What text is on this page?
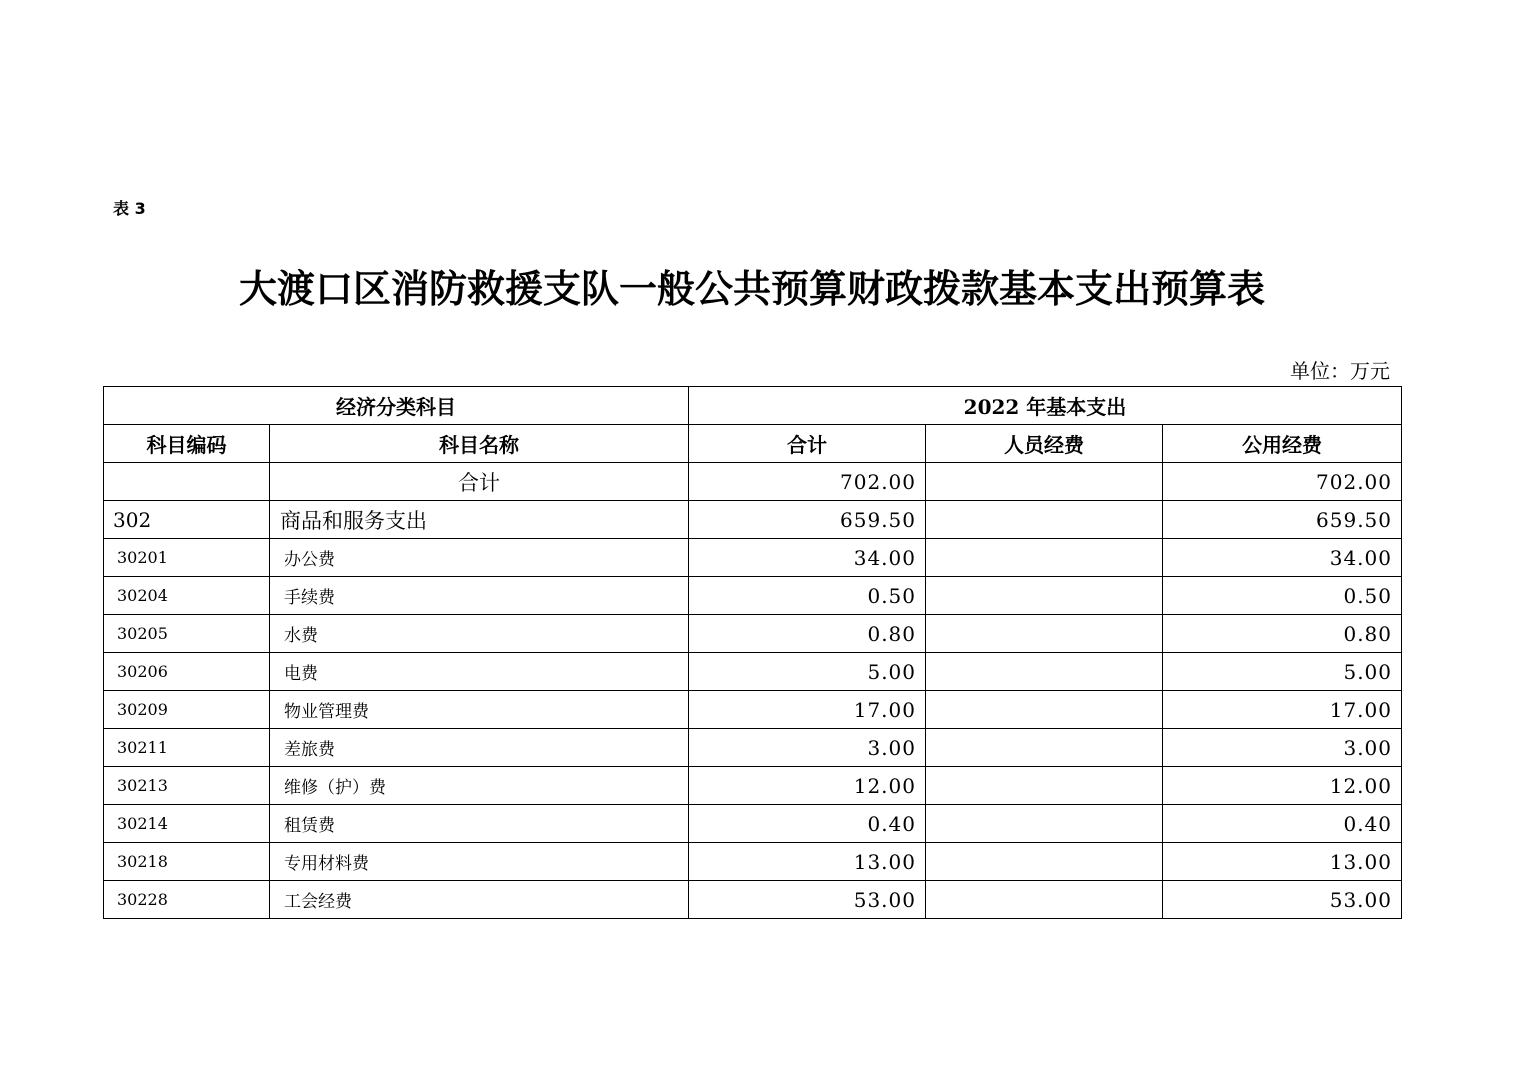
表 3
大渡口区消防救援支队一般公共预算财政拨款基本支出预算表
单位：万元
经济分类科目		2022 年基本支出		
科目编码	科目名称	合计	人员经费	公用经费
	合计	702.00		702.00
302	商品和服务支出	659.50		659.50
30201	办公费	34.00		34.00
30204	手续费	0.50		0.50
30205	水费	0.80		0.80
30206	电费	5.00		5.00
30209	物业管理费	17.00		17.00
30211	差旅费	3.00		3.00
30213	维修（护）费	12.00		12.00
30214	租赁费	0.40		0.40
30218	专用材料费	13.00		13.00
30228	工会经费	53.00		53.00
